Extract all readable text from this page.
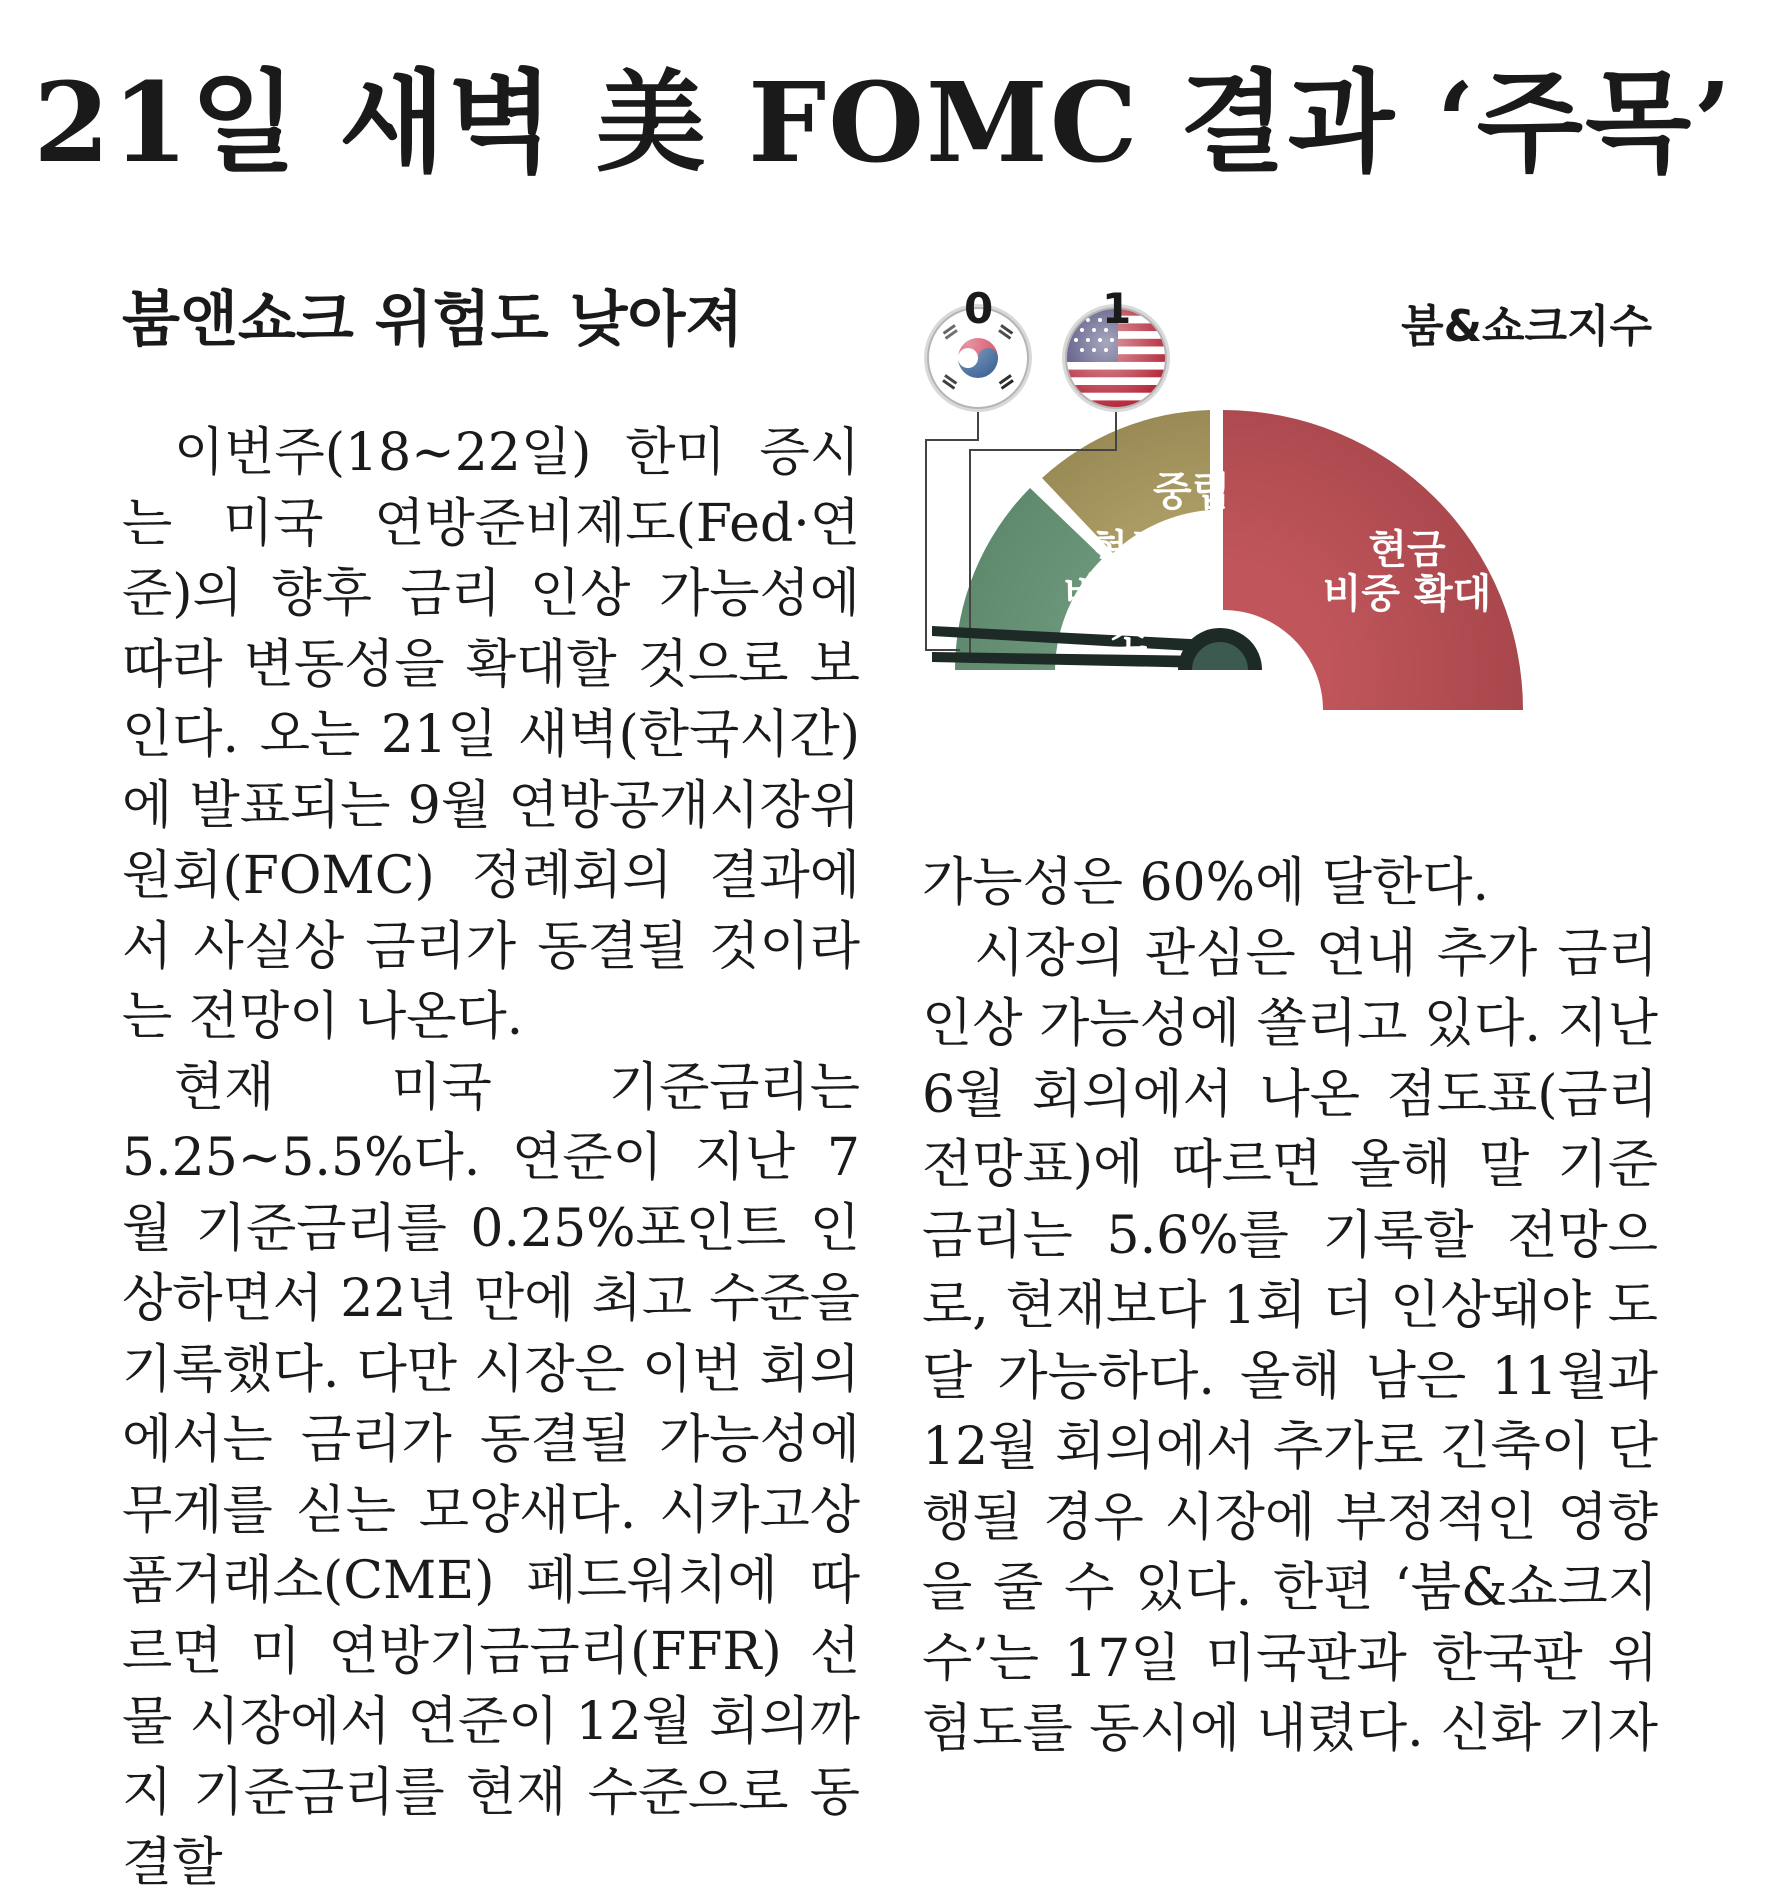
21일 새벽 美 FOMC 결과 ‘주목’
붐앤쇼크 위험도 낮아져

이번주(18~22일) 한미 증시는 미국 연방준비제도(Fed·연준)의 향후 금리 인상 가능성에 따라 변동성을 확대할 것으로 보인다. 오는 21일 새벽(한국시간)에 발표되는 9월 연방공개시장위원회(FOMC) 정례회의 결과에서 사실상 금리가 동결될 것이라는 전망이 나온다.

현재 미국 기준금리는 5.25~5.5%다. 연준이 지난 7월 기준금리를 0.25%포인트 인상하면서 22년 만에 최고 수준을 기록했다. 다만 시장은 이번 회의에서는 금리가 동결될 가능성에 무게를 싣는 모양새다. 시카고상품거래소(CME) 페드워치에 따르면 미 연방기금금리(FFR) 선물 시장에서 연준이 12월 회의까지 기준금리를 현재 수준으로 동결할

0	1	붐&쇼크지수
중립
현금
비중 축소
현금
비중 확대

가능성은 60%에 달한다.

시장의 관심은 연내 추가 금리 인상 가능성에 쏠리고 있다. 지난 6월 회의에서 나온 점도표(금리전망표)에 따르면 올해 말 기준금리는 5.6%를 기록할 전망으로, 현재보다 1회 더 인상돼야 도달 가능하다. 올해 남은 11월과 12월 회의에서 추가로 긴축이 단행될 경우 시장에 부정적인 영향을 줄 수 있다. 한편 ‘붐&쇼크지수’는 17일 미국판과 한국판 위험도를 동시에 내렸다. 신화 기자
